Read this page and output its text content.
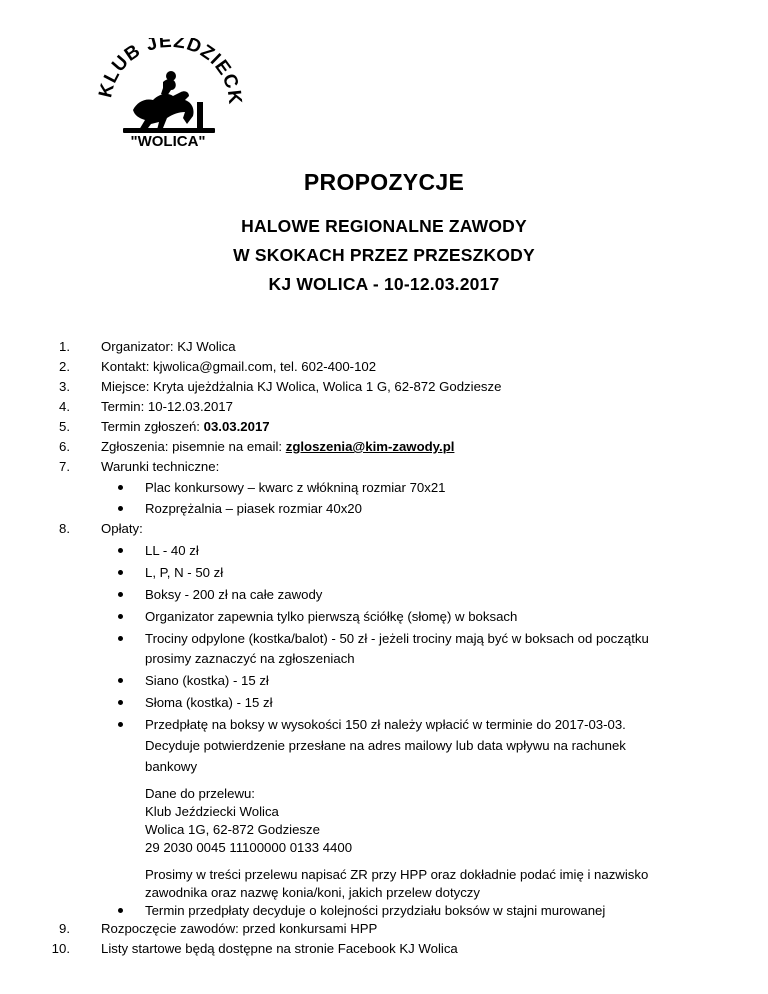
KLUB JEŹDZIEC
"WOLICA"
PROPOZYCJE
HALOWE REGIONALNE ZAWODY
W SKOKACH PRZEZ PRZESZKODY
KJ WOLICA - 10-12.03.2017
1. Organizator: KJ Wolica
2. Kontakt: kjwolica@gmail.com, tel. 602-400-102
3. Miejsce: Kryta ujeżdżalnia KJ Wolica, Wolica 1 G, 62-872 Godziesze
4. Termin: 10-12.03.2017
5. Termin zgłoszeń: 03.03.2017
6. Zgłoszenia: pisemnie na email: zgloszenia@kim-zawody.pl
7. Warunki techniczne:
Plac konkursowy – kwarc z włókniną rozmiar 70x21
Rozprężalnia – piasek rozmiar 40x20
8. Opłaty:
LL - 40 zł
L, P, N - 50 zł
Boksy - 200 zł na całe zawody
Organizator zapewnia tylko pierwszą ściółkę (słomę) w boksach
Trociny odpylone (kostka/balot) - 50 zł - jeżeli trociny mają być w boksach od początku
prosimy zaznaczyć na zgłoszeniach
Siano (kostka) - 15 zł
Słoma (kostka) - 15 zł
Przedpłatę na boksy w wysokości 150 zł należy wpłacić w terminie do 2017-03-03.
Decyduje potwierdzenie przesłane na adres mailowy lub data wpływu na rachunek
bankowy
Dane do przelewu:
Klub Jeździecki Wolica
Wolica 1G, 62-872 Godziesze
29 2030 0045 11100000 0133 4400
Prosimy w treści przelewu napisać ZR przy HPP oraz dokładnie podać imię i nazwisko
zawodnika oraz nazwę konia/koni, jakich przelew dotyczy
Termin przedpłaty decyduje o kolejności przydziału boksów w stajni murowanej
9. Rozpoczęcie zawodów: przed konkursami HPP
10. Listy startowe będą dostępne na stronie Facebook KJ Wolica
